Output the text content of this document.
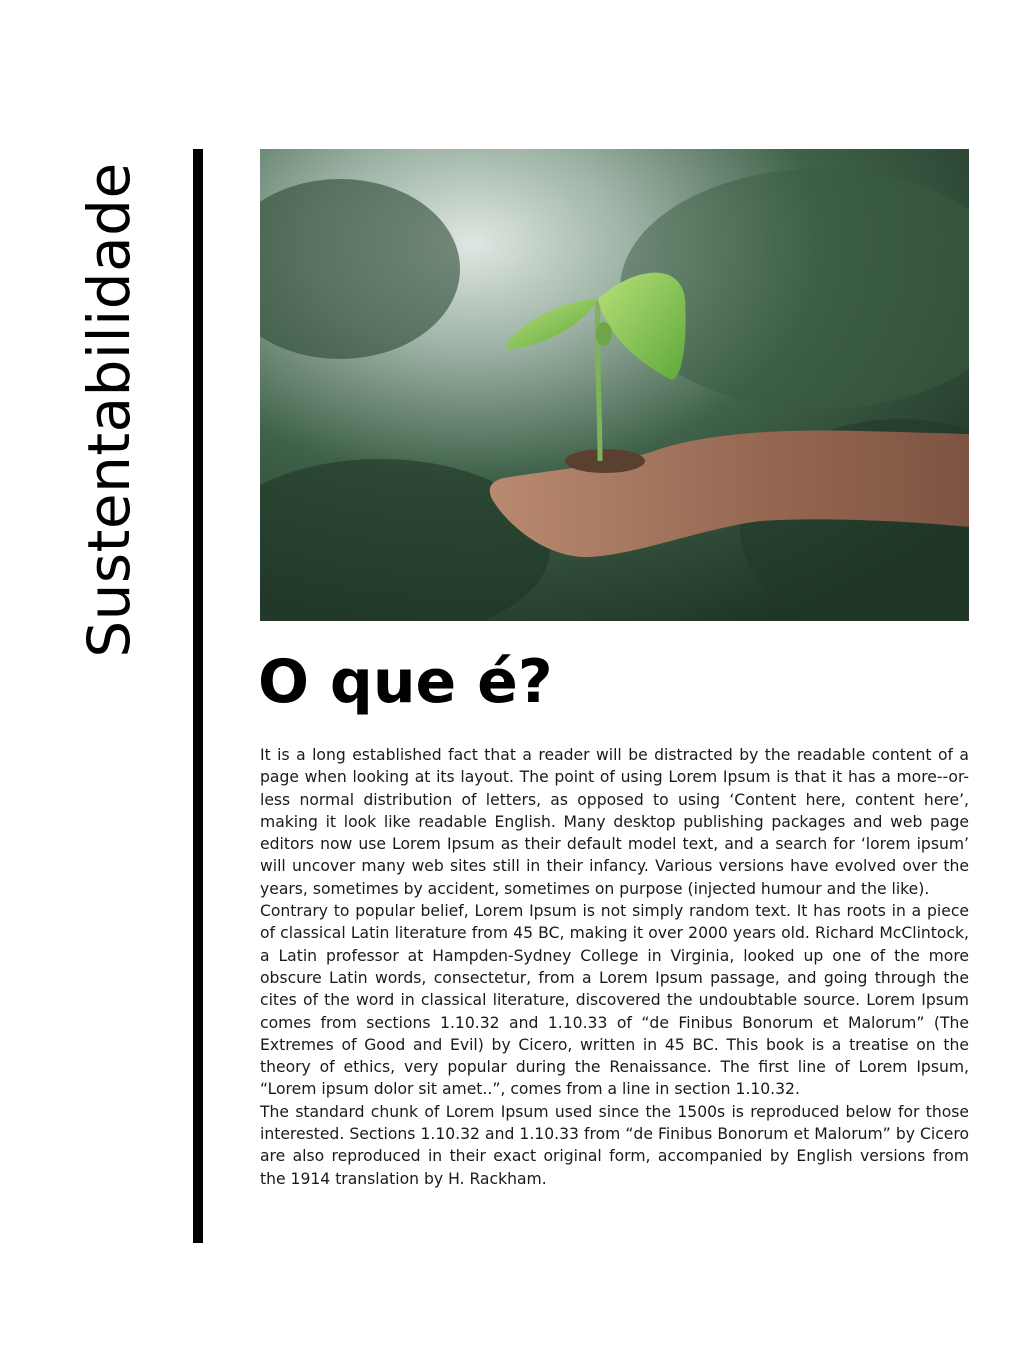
Sustentabilidade
O que é?

It is a long established fact that a reader will be distracted by the readable content of a page when looking at its layout. The point of using Lorem Ipsum is that it has a more--or-less normal distribution of letters, as opposed to using ‘Content here, content here’, making it look like readable English. Many desktop publishing packages and web page editors now use Lorem Ipsum as their default model text, and a search for ‘lorem ipsum’ will uncover many web sites still in their infancy. Various versions have evolved over the years, sometimes by accident, sometimes on purpose (injected humour and the like).

Contrary to popular belief, Lorem Ipsum is not simply random text. It has roots in a piece of classical Latin literature from 45 BC, making it over 2000 years old. Richard McClintock, a Latin professor at Hampden-Sydney College in Virginia, looked up one of the more obscure Latin words, consectetur, from a Lorem Ipsum passage, and going through the cites of the word in classical literature, discovered the undoubtable source. Lorem Ipsum comes from sections 1.10.32 and 1.10.33 of “de Finibus Bonorum et Malorum” (The Extremes of Good and Evil) by Cicero, written in 45 BC. This book is a treatise on the theory of ethics, very popular during the Renaissance. The first line of Lorem Ipsum, “Lorem ipsum dolor sit amet..”, comes from a line in section 1.10.32.

The standard chunk of Lorem Ipsum used since the 1500s is reproduced below for those interested. Sections 1.10.32 and 1.10.33 from “de Finibus Bonorum et Malorum” by Cicero are also reproduced in their exact original form, accompanied by English versions from the 1914 translation by H. Rackham.
